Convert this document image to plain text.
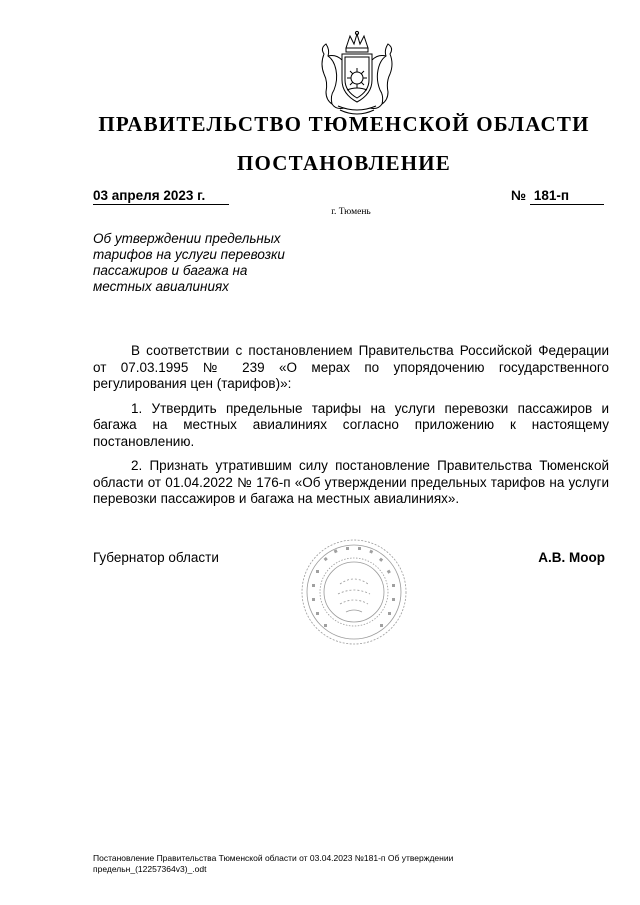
ПРАВИТЕЛЬСТВО ТЮМЕНСКОЙ ОБЛАСТИ
ПОСТАНОВЛЕНИЕ
03 апреля 2023 г.	№ 181-п
г. Тюмень
Об утверждении предельных тарифов на услуги перевозки пассажиров и багажа на местных авиалиниях

В соответствии с постановлением Правительства Российской Федерации от 07.03.1995 № 239 «О мерах по упорядочению государственного регулирования цен (тарифов)»:

1. Утвердить предельные тарифы на услуги перевозки пассажиров и багажа на местных авиалиниях согласно приложению к настоящему постановлению.

2. Признать утратившим силу постановление Правительства Тюменской области от 01.04.2022 № 176-п «Об утверждении предельных тарифов на услуги перевозки пассажиров и багажа на местных авиалиниях».

Губернатор области	А.В. Моор
Постановление Правительства Тюменской области от 03.04.2023 №181-п Об утверждении предельн_(12257364v3)_.odt
